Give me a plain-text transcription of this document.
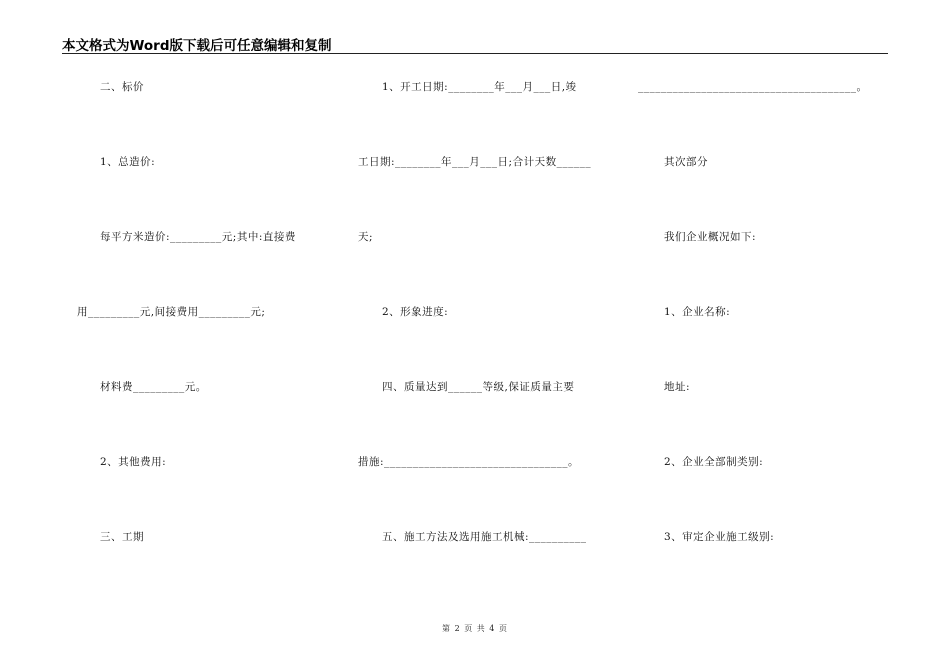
本文格式为Word版下载后可任意编辑和复制
二、标价
1、总造价:
每平方米造价:_________元;其中:直接费
用_________元,间接费用_________元;
材料费_________元。
2、其他费用:
三、工期
1、开工日期:________年___月___日,竣
工日期:________年___月___日;合计天数______
天;
2、形象进度:
四、质量达到______等级,保证质量主要
措施:________________________________。
五、施工方法及选用施工机械:__________
______________________________________。
其次部分
我们企业概况如下:
1、企业名称:
地址:
2、企业全部制类别:
3、审定企业施工级别:
第 2 页 共 4 页
